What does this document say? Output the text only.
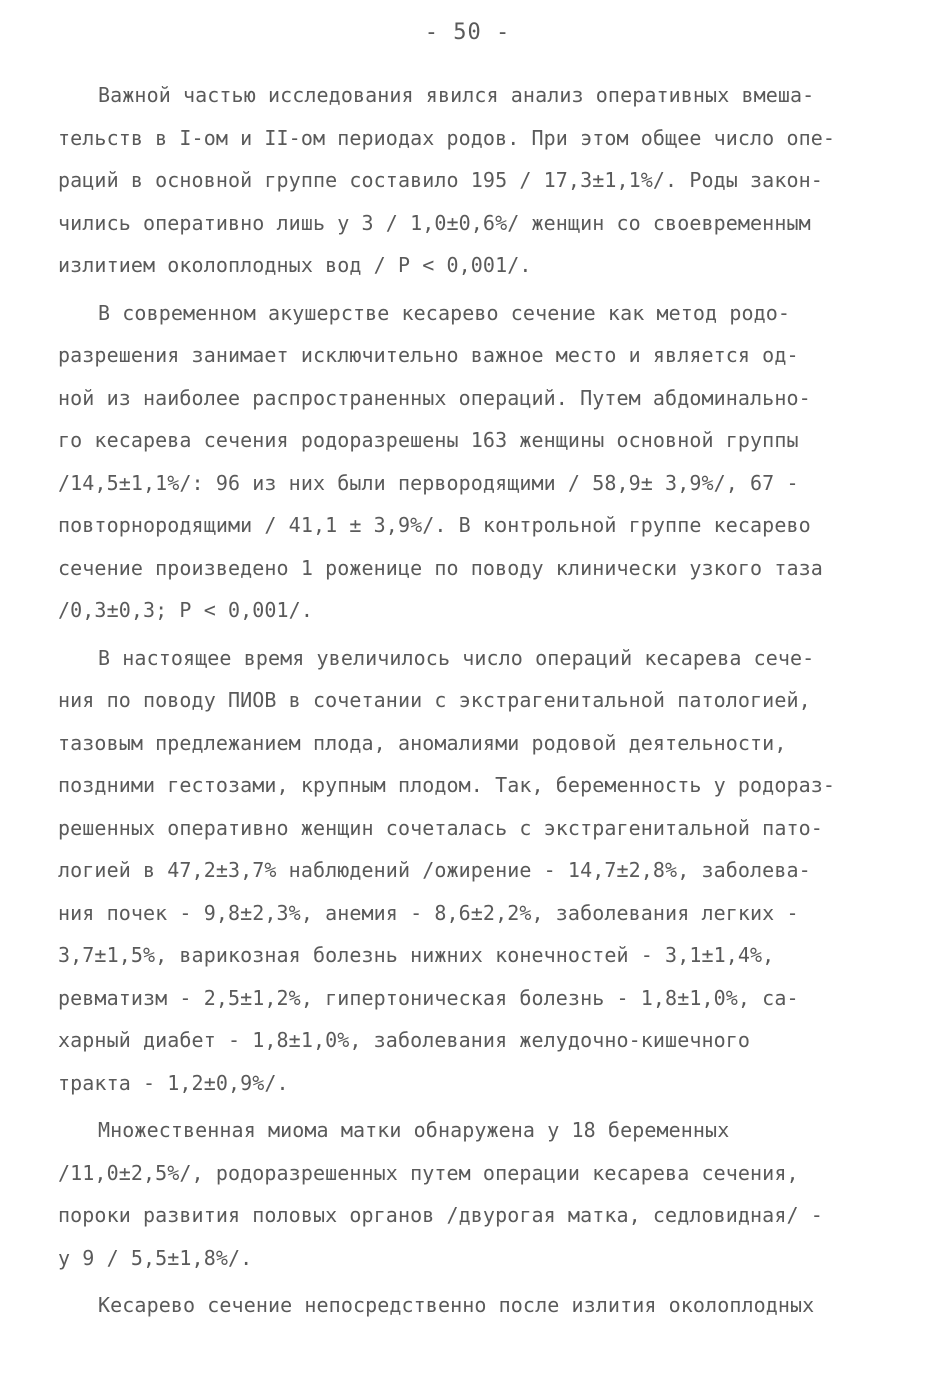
- 50 -
Важной частью исследования явился анализ оперативных вмеша-
тельств в I-ом и II-ом периодах родов. При этом общее число опе-
раций в основной группе составило 195 / 17,3±1,1%/. Роды закон-
чились оперативно лишь у 3 / 1,0±0,6%/ женщин со своевременным
излитием околоплодных вод / Р < 0,001/.
В современном акушерстве кесарево сечение как метод родо-
разрешения занимает исключительно важное место и является од-
ной из наиболее распространенных операций. Путем абдоминально-
го кесарева сечения родоразрешены 163 женщины основной группы
/14,5±1,1%/: 96 из них были первородящими / 58,9± 3,9%/, 67 -
повторнородящими / 41,1 ± 3,9%/. В контрольной группе кесарево
сечение произведено 1 роженице по поводу клинически узкого таза
/0,3±0,3; Р < 0,001/.
В настоящее время увеличилось число операций кесарева сече-
ния по поводу ПИОВ в сочетании с экстрагенитальной патологией,
тазовым предлежанием плода, аномалиями родовой деятельности,
поздними гестозами, крупным плодом. Так, беременность у родораз-
решенных оперативно женщин сочеталась с экстрагенитальной пато-
логией в 47,2±3,7% наблюдений /ожирение - 14,7±2,8%, заболева-
ния почек - 9,8±2,3%, анемия - 8,6±2,2%, заболевания легких -
3,7±1,5%, варикозная болезнь нижних конечностей - 3,1±1,4%,
ревматизм - 2,5±1,2%, гипертоническая болезнь - 1,8±1,0%, са-
харный диабет - 1,8±1,0%, заболевания желудочно-кишечного
тракта - 1,2±0,9%/.
Множественная миома матки обнаружена у 18 беременных
/11,0±2,5%/, родоразрешенных путем операции кесарева сечения,
пороки развития половых органов /двурогая матка, седловидная/ -
у 9 / 5,5±1,8%/.
Кесарево сечение непосредственно после излития околоплодных
